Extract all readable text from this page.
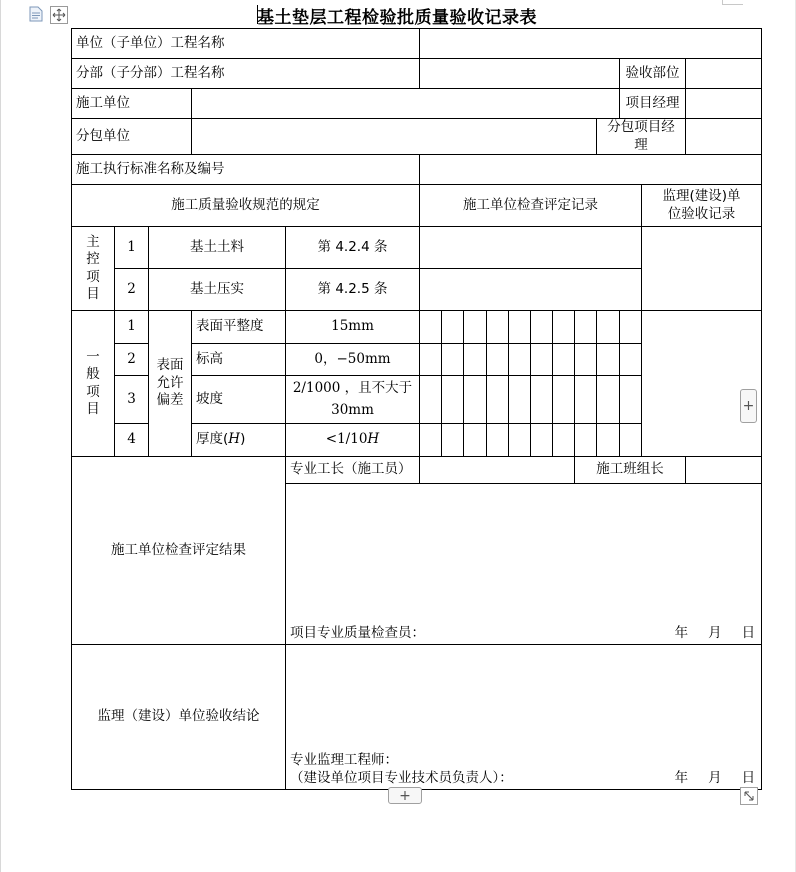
基土垫层工程检验批质量验收记录表
单位（子单位）工程名称																
分部（子分部）工程名称														验收部位		
施工单位														项目经理		
分包单位													分包项目经理			
施工执行标准名称及编号																
施工质量验收规范的规定					施工单位检查评定记录										监理(建设)单
位验收记录	

主
控
项
目	1	基土土料		第 4.2.4 条												
	2	基土压实		第 4.2.5 条												

一
般
项
目	1	表面
允许
偏差	表面平整度	15mm												
	2		标高	0，−50mm												
	3		坡度	2/1000 ，且不大于
30mm												

	4		厚度(H)	<1/10H												
施工单位检查评定结果				专业工长（施工员）								施工班组长				

				项目专业质量检查员： 年 月 日												

监理（建设）单位验收结论				专业监理工程师：
（建设单位项目专业技术员负责人）： 年 月 日												
+
+
